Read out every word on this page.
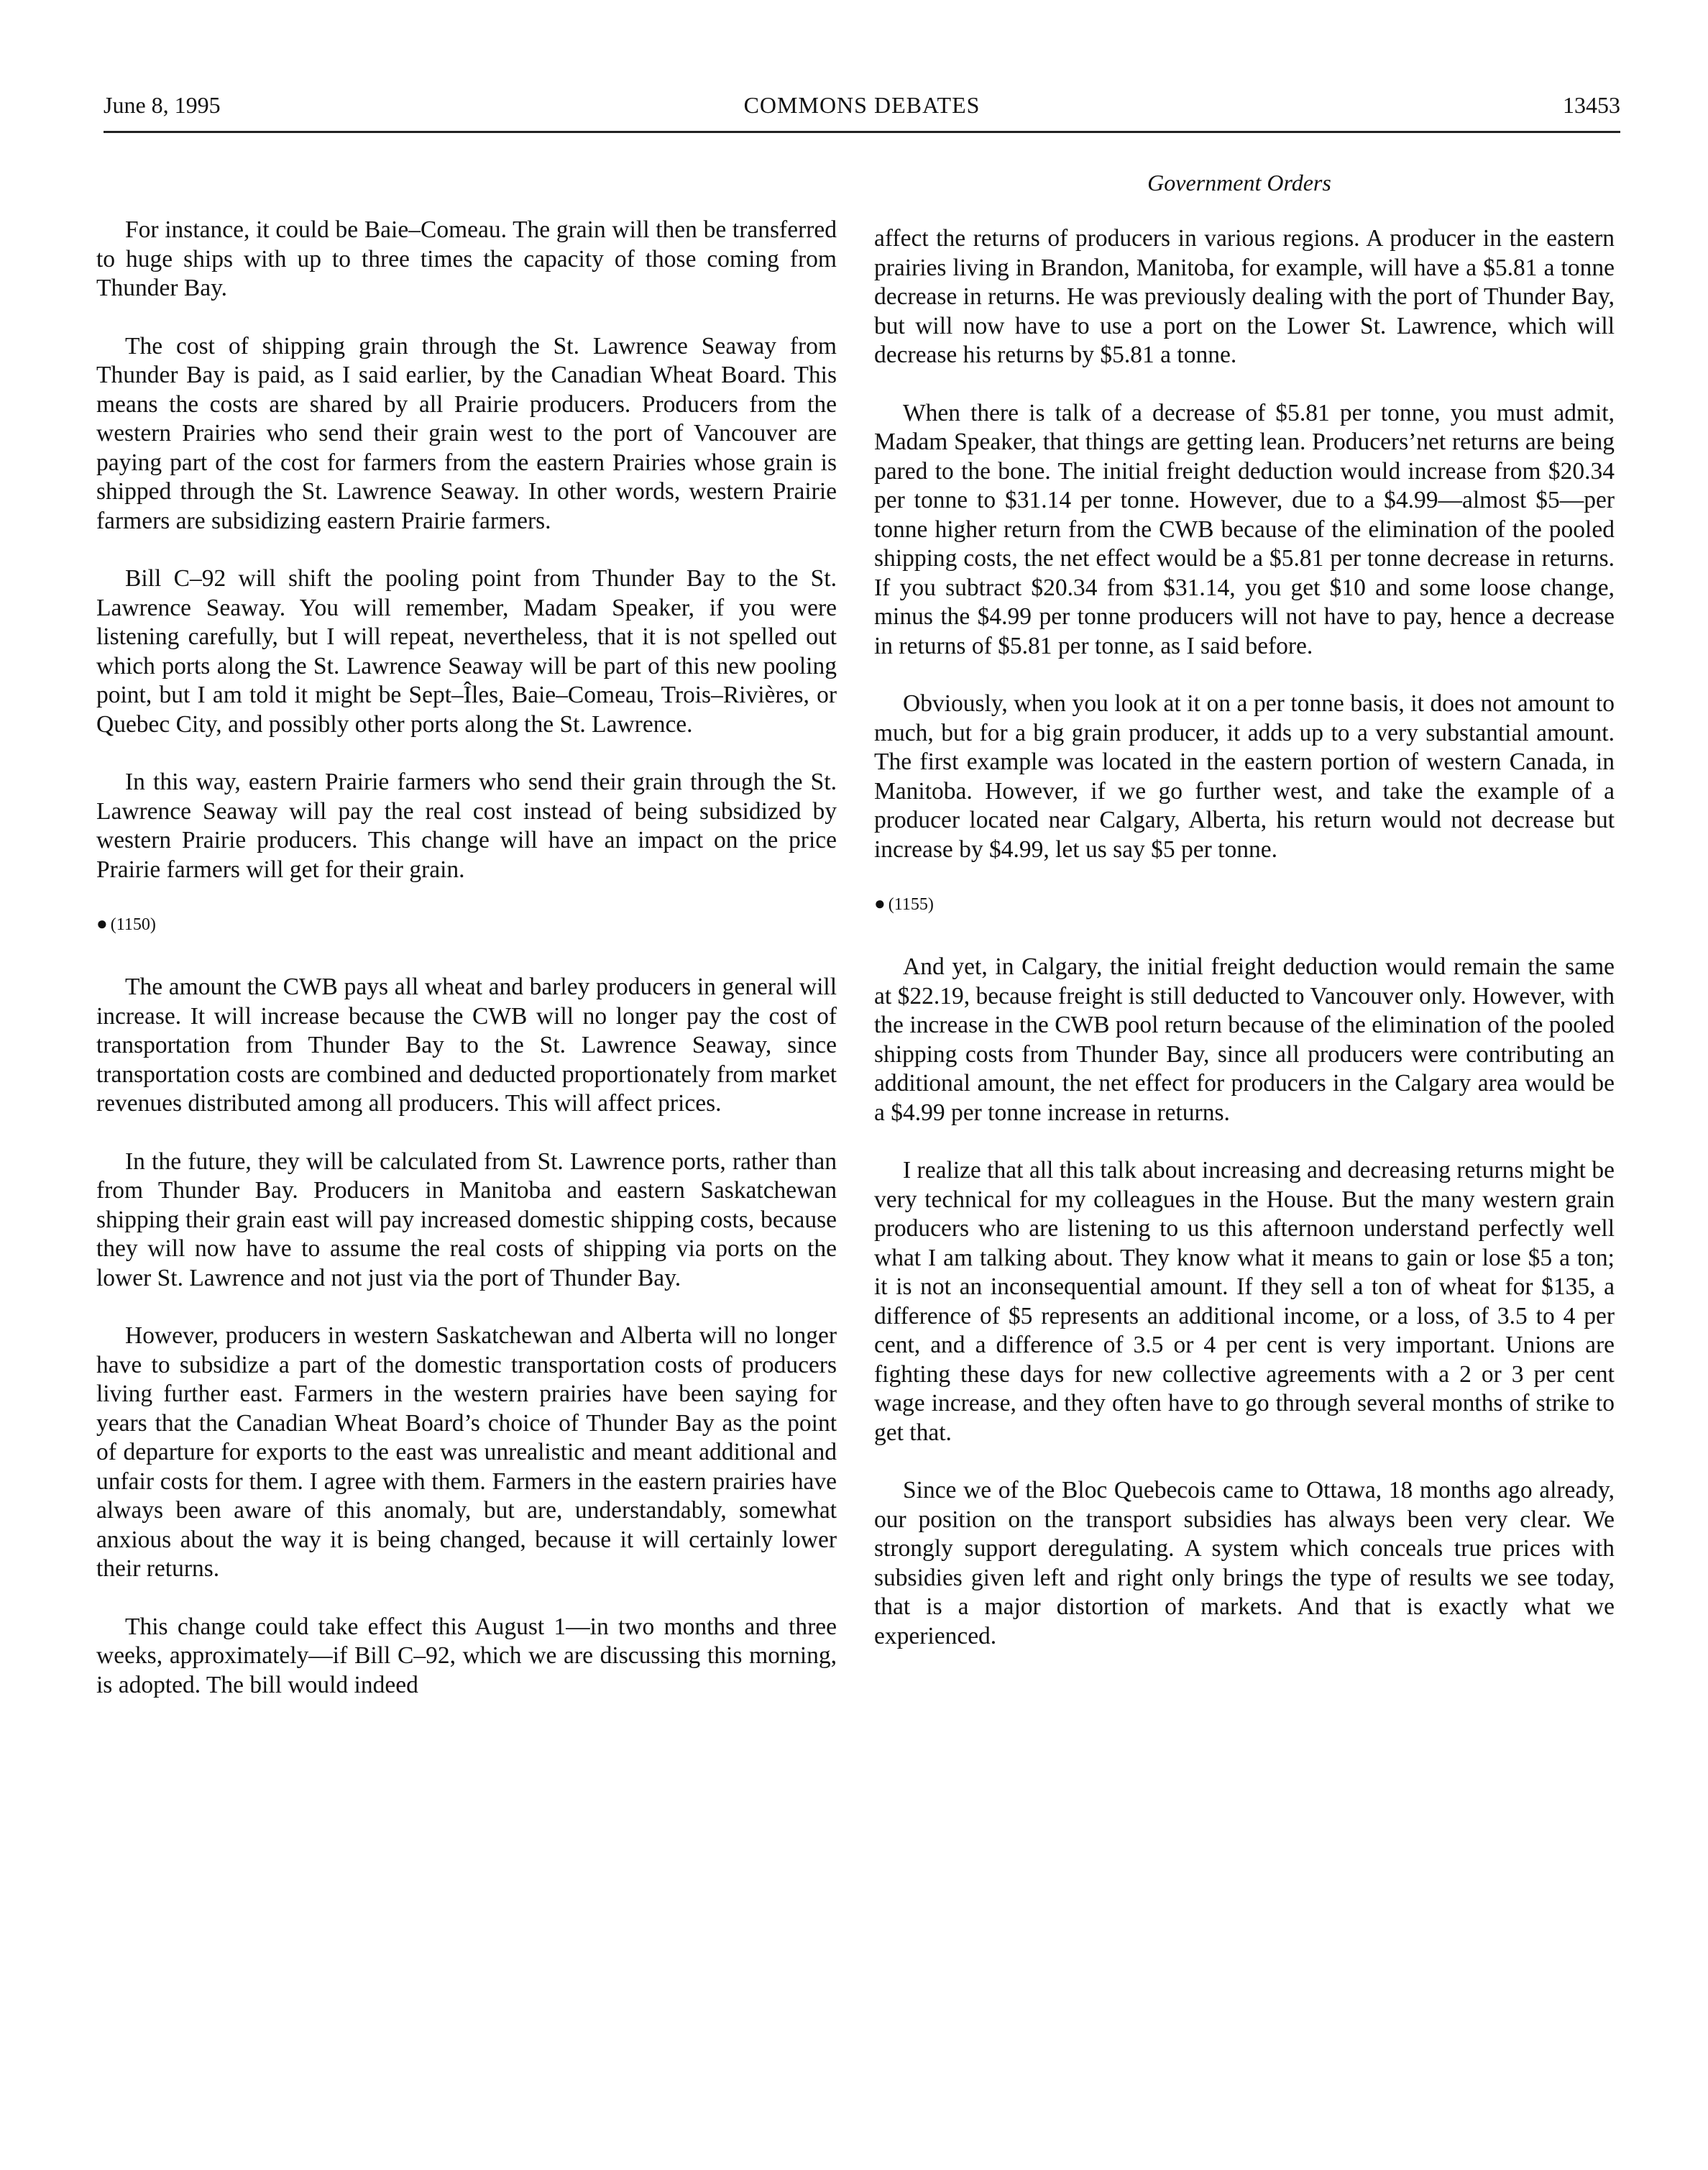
June 8, 1995	COMMONS DEBATES	13453
Government Orders

For instance, it could be Baie–Comeau. The grain will then be transferred to huge ships with up to three times the capacity of those coming from Thunder Bay.

The cost of shipping grain through the St. Lawrence Seaway from Thunder Bay is paid, as I said earlier, by the Canadian Wheat Board. This means the costs are shared by all Prairie producers. Producers from the western Prairies who send their grain west to the port of Vancouver are paying part of the cost for farmers from the eastern Prairies whose grain is shipped through the St. Lawrence Seaway. In other words, western Prairie farmers are subsidizing eastern Prairie farmers.

Bill C–92 will shift the pooling point from Thunder Bay to the St. Lawrence Seaway. You will remember, Madam Speaker, if you were listening carefully, but I will repeat, nevertheless, that it is not spelled out which ports along the St. Lawrence Seaway will be part of this new pooling point, but I am told it might be Sept–Îles, Baie–Comeau, Trois–Rivières, or Quebec City, and possibly other ports along the St. Lawrence.

In this way, eastern Prairie farmers who send their grain through the St. Lawrence Seaway will pay the real cost instead of being subsidized by western Prairie producers. This change will have an impact on the price Prairie farmers will get for their grain.

● (1150)

The amount the CWB pays all wheat and barley producers in general will increase. It will increase because the CWB will no longer pay the cost of transportation from Thunder Bay to the St. Lawrence Seaway, since transportation costs are combined and deducted proportionately from market revenues distributed among all producers. This will affect prices.

In the future, they will be calculated from St. Lawrence ports, rather than from Thunder Bay. Producers in Manitoba and eastern Saskatchewan shipping their grain east will pay increased domestic shipping costs, because they will now have to assume the real costs of shipping via ports on the lower St. Lawrence and not just via the port of Thunder Bay.

However, producers in western Saskatchewan and Alberta will no longer have to subsidize a part of the domestic transportation costs of producers living further east. Farmers in the western prairies have been saying for years that the Canadian Wheat Board’s choice of Thunder Bay as the point of departure for exports to the east was unrealistic and meant additional and unfair costs for them. I agree with them. Farmers in the eastern prairies have always been aware of this anomaly, but are, understandably, somewhat anxious about the way it is being changed, because it will certainly lower their returns.

This change could take effect this August 1—in two months and three weeks, approximately—if Bill C–92, which we are discussing this morning, is adopted. The bill would indeed

affect the returns of producers in various regions. A producer in the eastern prairies living in Brandon, Manitoba, for example, will have a $5.81 a tonne decrease in returns. He was previously dealing with the port of Thunder Bay, but will now have to use a port on the Lower St. Lawrence, which will decrease his returns by $5.81 a tonne.

When there is talk of a decrease of $5.81 per tonne, you must admit, Madam Speaker, that things are getting lean. Producers’net returns are being pared to the bone. The initial freight deduction would increase from $20.34 per tonne to $31.14 per tonne. However, due to a $4.99—almost $5—per tonne higher return from the CWB because of the elimination of the pooled shipping costs, the net effect would be a $5.81 per tonne decrease in returns. If you subtract $20.34 from $31.14, you get $10 and some loose change, minus the $4.99 per tonne producers will not have to pay, hence a decrease in returns of $5.81 per tonne, as I said before.

Obviously, when you look at it on a per tonne basis, it does not amount to much, but for a big grain producer, it adds up to a very substantial amount. The first example was located in the eastern portion of western Canada, in Manitoba. However, if we go further west, and take the example of a producer located near Calgary, Alberta, his return would not decrease but increase by $4.99, let us say $5 per tonne.

● (1155)

And yet, in Calgary, the initial freight deduction would remain the same at $22.19, because freight is still deducted to Vancouver only. However, with the increase in the CWB pool return because of the elimination of the pooled shipping costs from Thunder Bay, since all producers were contributing an additional amount, the net effect for producers in the Calgary area would be a $4.99 per tonne increase in returns.

I realize that all this talk about increasing and decreasing returns might be very technical for my colleagues in the House. But the many western grain producers who are listening to us this afternoon understand perfectly well what I am talking about. They know what it means to gain or lose $5 a ton; it is not an inconsequential amount. If they sell a ton of wheat for $135, a difference of $5 represents an additional income, or a loss, of 3.5 to 4 per cent, and a difference of 3.5 or 4 per cent is very important. Unions are fighting these days for new collective agreements with a 2 or 3 per cent wage increase, and they often have to go through several months of strike to get that.

Since we of the Bloc Quebecois came to Ottawa, 18 months ago already, our position on the transport subsidies has always been very clear. We strongly support deregulating. A system which conceals true prices with subsidies given left and right only brings the type of results we see today, that is a major distortion of markets. And that is exactly what we experienced.
